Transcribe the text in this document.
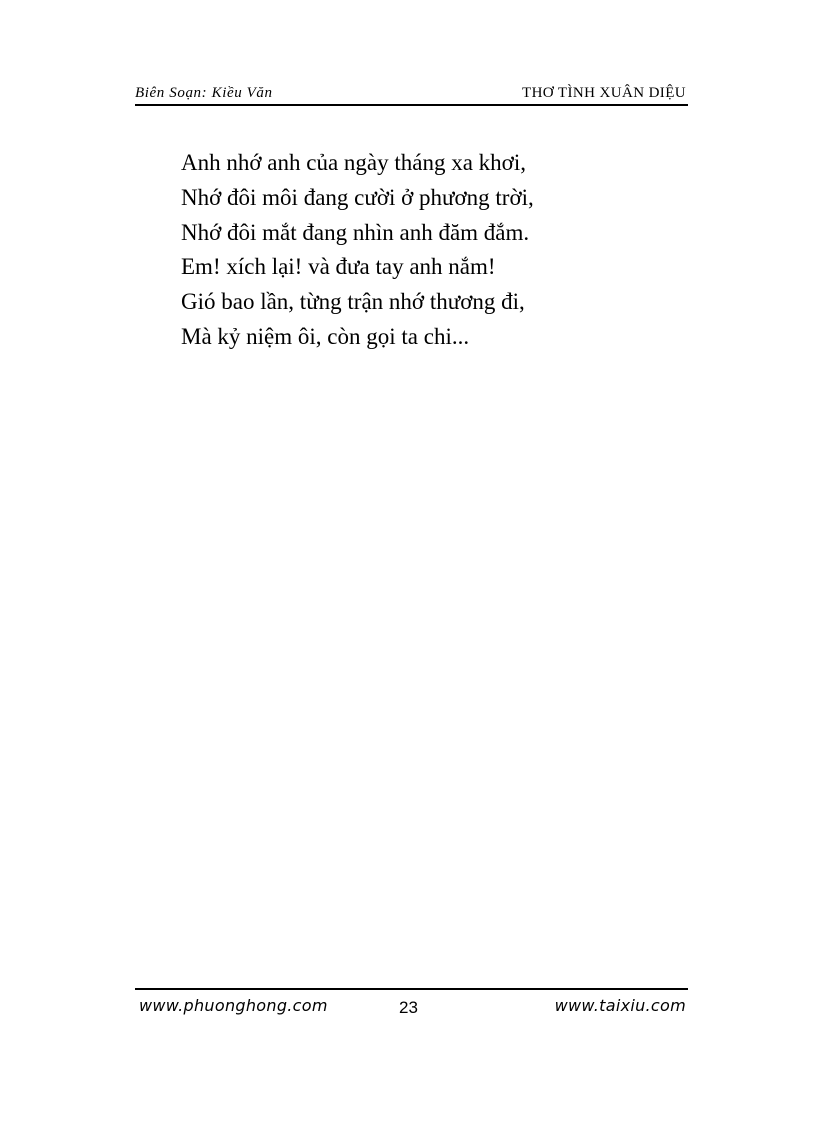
Biên Soạn: Kiều Văn	THƠ TÌNH XUÂN DIỆU
Anh nhớ anh của ngày tháng xa khơi,
Nhớ đôi môi đang cười ở phương trời,
Nhớ đôi mắt đang nhìn anh đăm đắm.
Em! xích lại! và đưa tay anh nắm!
Gió bao lần, từng trận nhớ thương đi,
Mà kỷ niệm ôi, còn gọi ta chi...
www.phuonghong.com	23	www.taixiu.com
